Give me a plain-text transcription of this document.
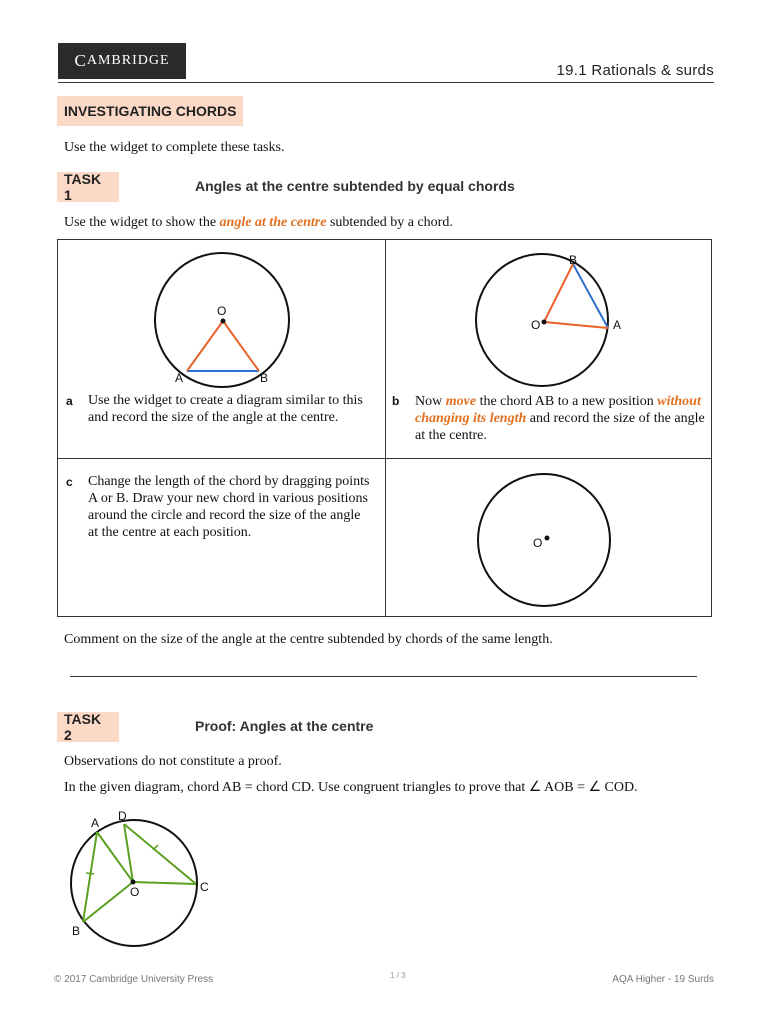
C AMBRIDGE
19.1 Rationals & surds
INVESTIGATING CHORDS
Use the widget to complete these tasks.
TASK 1
Angles at the centre subtended by equal chords
Use the widget to show the angle at the centre subtended by a chord.
O
A	B
a Use the widget to create a diagram similar to this and record the size of the angle at the centre.
O
B
A
b Now move the chord AB to a new position without changing its length and record the size of the angle at the centre.
c Change the length of the chord by dragging points A or B. Draw your new chord in various positions around the circle and record the size of the angle at the centre at each position.
O
Comment on the size of the angle at the centre subtended by chords of the same length.
TASK 2
Proof: Angles at the centre
Observations do not constitute a proof.
In the given diagram, chord AB = chord CD. Use congruent triangles to prove that ∠ AOB = ∠ COD.
A D
C
O
B
© 2017 Cambridge University Press	1 / 3	AQA Higher - 19 Surds
